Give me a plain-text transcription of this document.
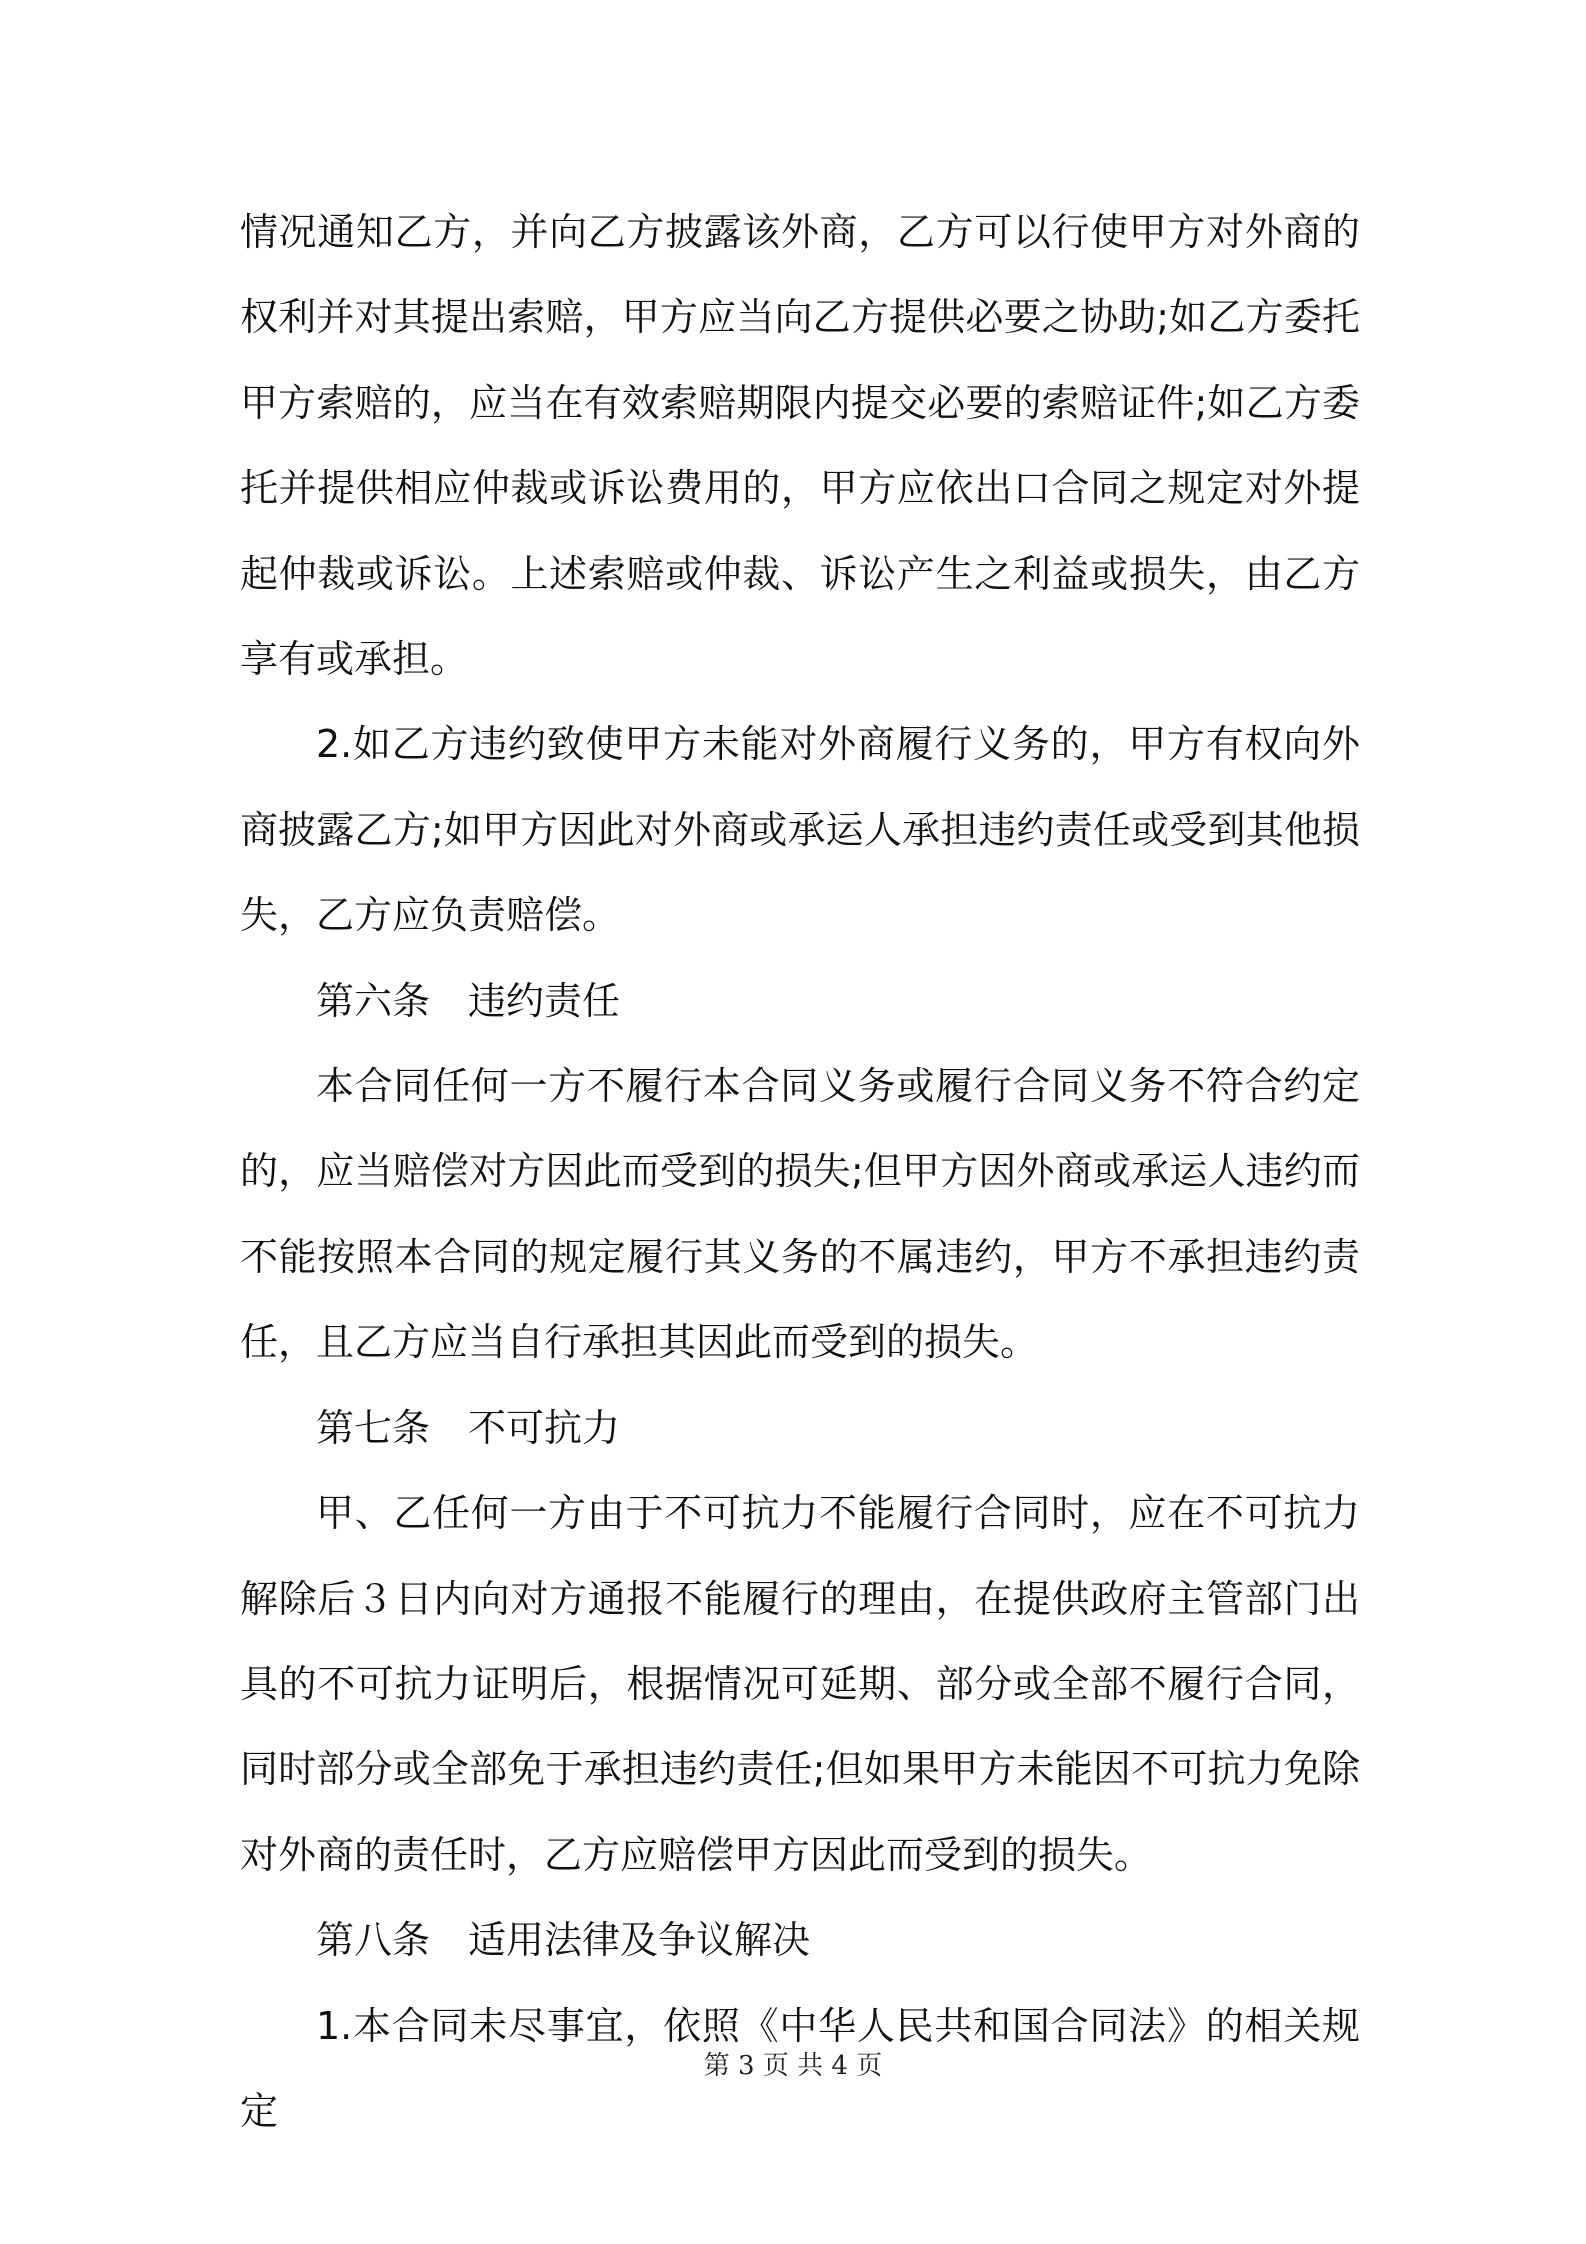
情况通知乙方，并向乙方披露该外商，乙方可以行使甲方对外商的权利并对其提出索赔，甲方应当向乙方提供必要之协助;如乙方委托甲方索赔的，应当在有效索赔期限内提交必要的索赔证件;如乙方委托并提供相应仲裁或诉讼费用的，甲方应依出口合同之规定对外提起仲裁或诉讼。上述索赔或仲裁、诉讼产生之利益或损失，由乙方享有或承担。

2.如乙方违约致使甲方未能对外商履行义务的，甲方有权向外商披露乙方;如甲方因此对外商或承运人承担违约责任或受到其他损失，乙方应负责赔偿。

第六条　违约责任

本合同任何一方不履行本合同义务或履行合同义务不符合约定的，应当赔偿对方因此而受到的损失;但甲方因外商或承运人违约而不能按照本合同的规定履行其义务的不属违约，甲方不承担违约责任，且乙方应当自行承担其因此而受到的损失。

第七条　不可抗力

甲、乙任何一方由于不可抗力不能履行合同时，应在不可抗力解除后３日内向对方通报不能履行的理由，在提供政府主管部门出具的不可抗力证明后，根据情况可延期、部分或全部不履行合同，同时部分或全部免于承担违约责任;但如果甲方未能因不可抗力免除对外商的责任时，乙方应赔偿甲方因此而受到的损失。

第八条　适用法律及争议解决

1.本合同未尽事宜，依照《中华人民共和国合同法》的相关规定

第 3 页 共 4 页
